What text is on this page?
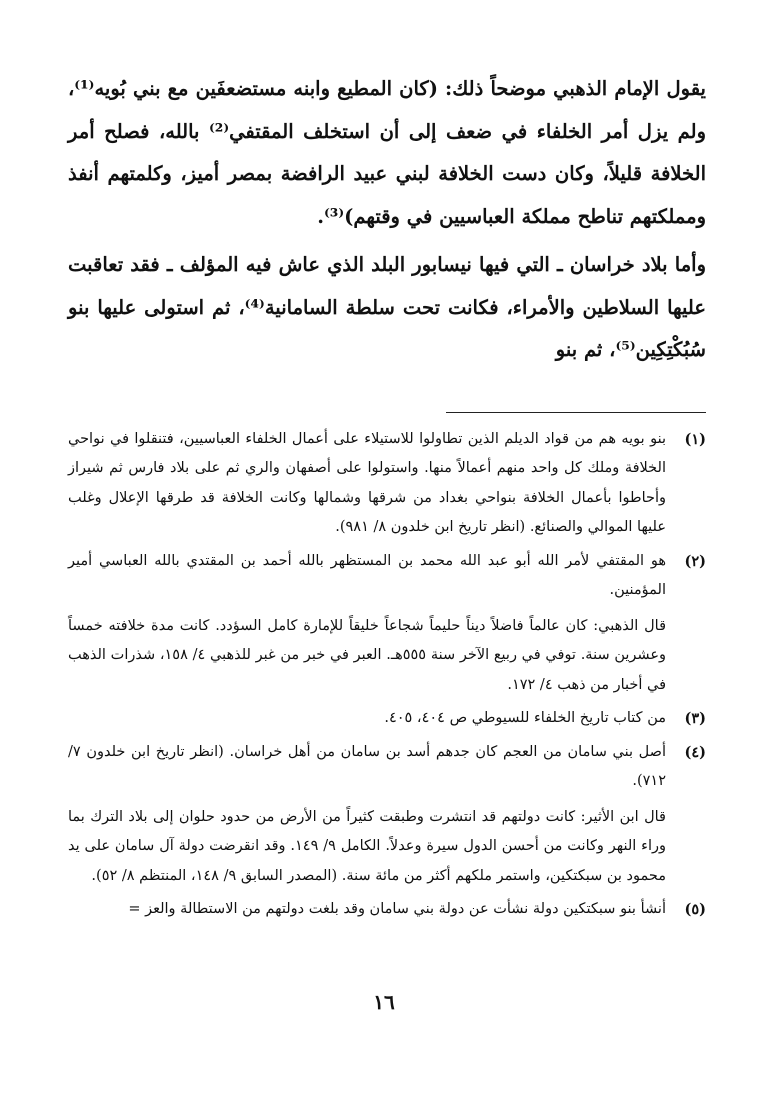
يقول الإمام الذهبي موضحاً ذلك: (كان المطيع وابنه مستضعفَين مع بني بُويه⁽¹⁾، ولم يزل أمر الخلفاء في ضعف إلى أن استخلف المقتفي⁽²⁾ بالله، فصلح أمر الخلافة قليلاً، وكان دست الخلافة لبني عبيد الرافضة بمصر أميز، وكلمتهم أنفذ ومملكتهم تناطح مملكة العباسيين في وقتهم)⁽³⁾.

وأما بلاد خراسان ـ التي فيها نيسابور البلد الذي عاش فيه المؤلف ـ فقد تعاقبت عليها السلاطين والأمراء، فكانت تحت سلطة السامانية⁽⁴⁾، ثم استولى عليها بنو سُبُكْتِكِين⁽⁵⁾، ثم بنو

(١)

بنو بويه هم من قواد الديلم الذين تطاولوا للاستيلاء على أعمال الخلفاء العباسيين، فتنقلوا في نواحي الخلافة وملك كل واحد منهم أعمالاً منها. واستولوا على أصفهان والري ثم على بلاد فارس ثم شيراز وأحاطوا بأعمال الخلافة بنواحي بغداد من شرقها وشمالها وكانت الخلافة قد طرقها الإعلال وغلب عليها الموالي والصنائع. (انظر تاريخ ابن خلدون ٨/ ٩٨١).

(٢)

هو المقتفي لأمر الله أبو عبد الله محمد بن المستظهر بالله أحمد بن المقتدي بالله العباسي أمير المؤمنين.

قال الذهبي: كان عالماً فاضلاً ديناً حليماً شجاعاً خليقاً للإمارة كامل السؤدد. كانت مدة خلافته خمساً وعشرين سنة. توفي في ربيع الآخر سنة ٥٥٥هـ. العبر في خبر من غبر للذهبي ٤/ ١٥٨، شذرات الذهب في أخبار من ذهب ٤/ ١٧٢.

(٣)

من كتاب تاريخ الخلفاء للسيوطي ص ٤٠٤، ٤٠٥.

(٤)

أصل بني سامان من العجم كان جدهم أسد بن سامان من أهل خراسان. (انظر تاريخ ابن خلدون ٧/ ٧١٢).

قال ابن الأثير: كانت دولتهم قد انتشرت وطبقت كثيراً من الأرض من حدود حلوان إلى بلاد الترك بما وراء النهر وكانت من أحسن الدول سيرة وعدلاً. الكامل ٩/ ١٤٩. وقد انقرضت دولة آل سامان على يد محمود بن سبكتكين، واستمر ملكهم أكثر من مائة سنة. (المصدر السابق ٩/ ١٤٨، المنتظم ٨/ ٥٢).

(٥)

أنشأ بنو سبكتكين دولة نشأت عن دولة بني سامان وقد بلغت دولتهم من الاستطالة والعز =

١٦
